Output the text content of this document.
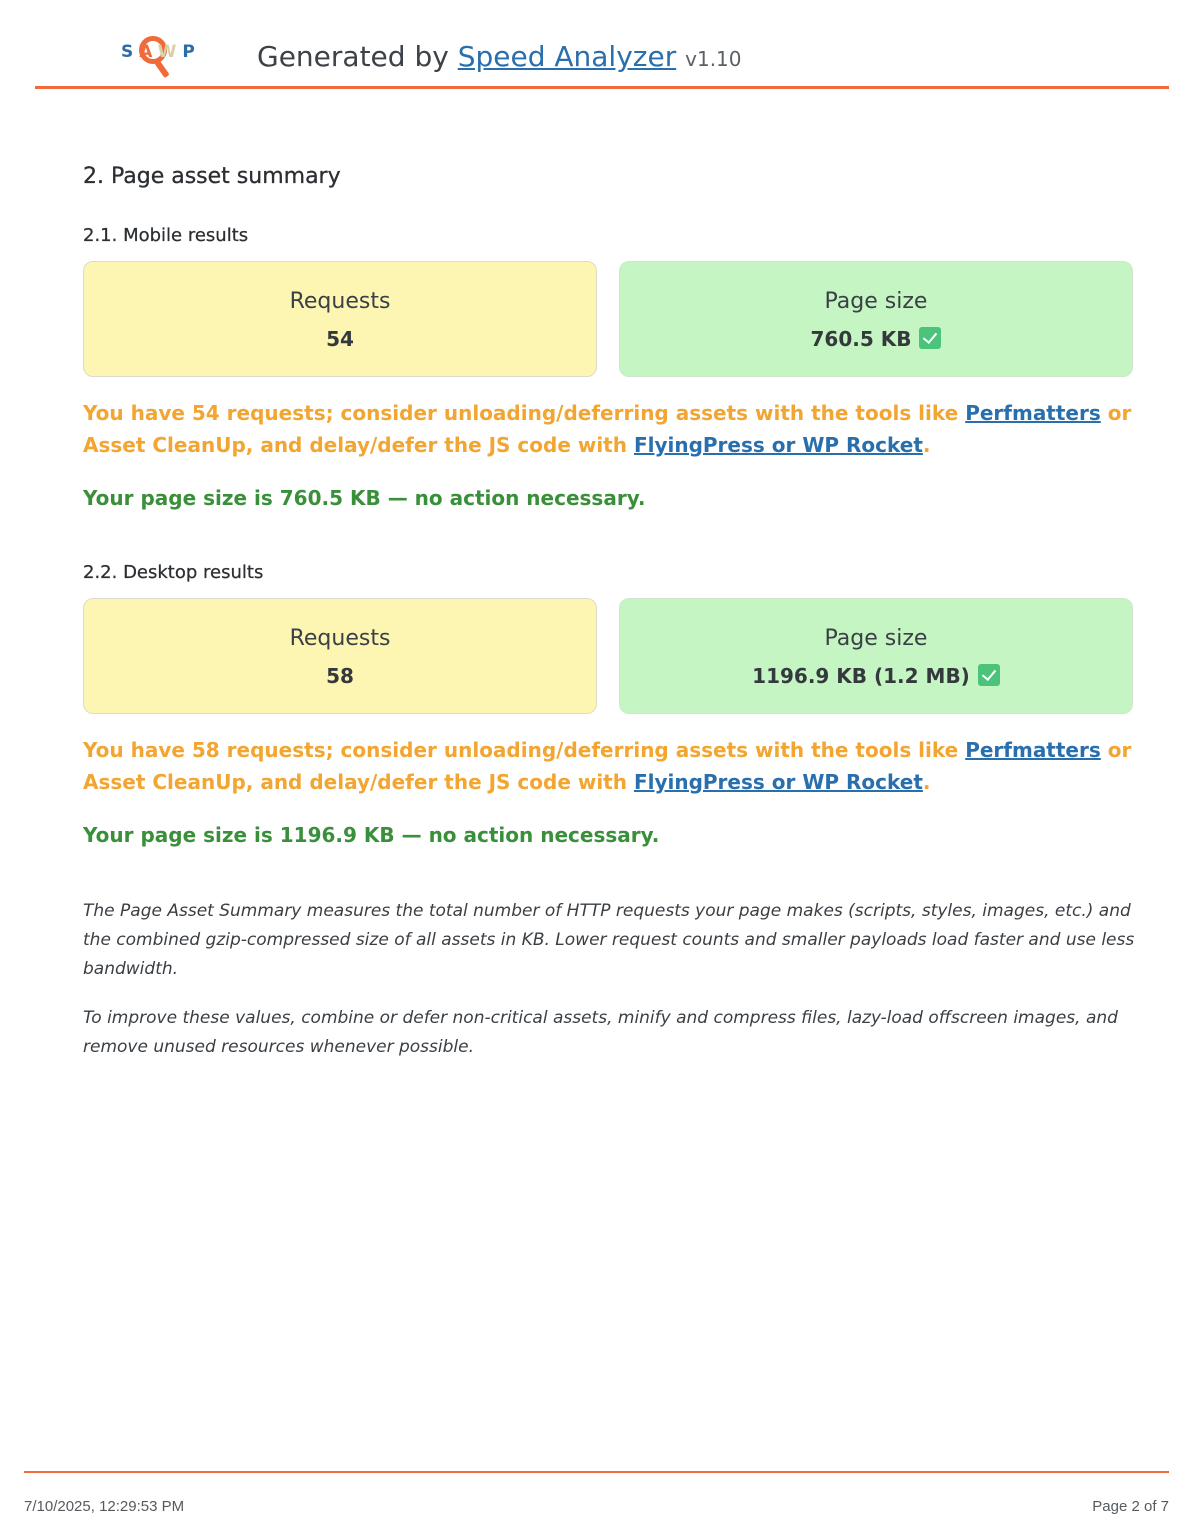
SAWP Generated by Speed Analyzer v1.10
2. Page asset summary
2.1. Mobile results
Requests
54
Page size
760.5 KB

You have 54 requests; consider unloading/deferring assets with the tools like Perfmatters or Asset CleanUp, and delay/defer the JS code with FlyingPress or WP Rocket.

Your page size is 760.5 KB — no action necessary.

2.2. Desktop results
Requests
58
Page size
1196.9 KB (1.2 MB)

You have 58 requests; consider unloading/deferring assets with the tools like Perfmatters or Asset CleanUp, and delay/defer the JS code with FlyingPress or WP Rocket.

Your page size is 1196.9 KB — no action necessary.

The Page Asset Summary measures the total number of HTTP requests your page makes (scripts, styles, images, etc.) and the combined gzip-compressed size of all assets in KB. Lower request counts and smaller payloads load faster and use less bandwidth.

To improve these values, combine or defer non-critical assets, minify and compress files, lazy-load offscreen images, and remove unused resources whenever possible.

7/10/2025, 12:29:53 PM	Page 2 of 7
